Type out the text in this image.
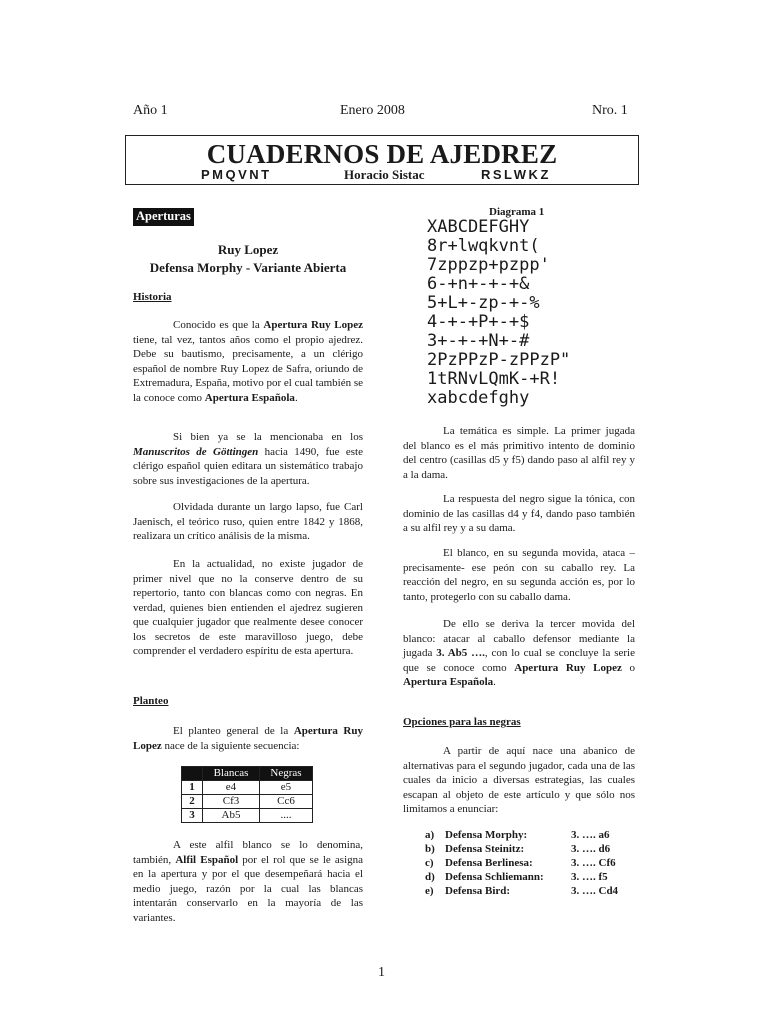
Año 1	Enero 2008	Nro. 1
CUADERNOS DE AJEDREZ
PMQVNT	Horacio Sistac	RSLWKZ
Aperturas
Ruy Lopez
Defensa Morphy - Variante Abierta
Historia

Conocido es que la Apertura Ruy Lopez tiene, tal vez, tantos años como el propio ajedrez. Debe su bautismo, precisamente, a un clérigo español de nombre Ruy Lopez de Safra, oriundo de Extremadura, España, motivo por el cual también se la conoce como Apertura Española.

Si bien ya se la mencionaba en los Manuscritos de Göttingen hacia 1490, fue este clérigo español quien editara un sistemático trabajo sobre sus investigaciones de la apertura.

Olvidada durante un largo lapso, fue Carl Jaenisch, el teórico ruso, quien entre 1842 y 1868, realizara un crítico análisis de la misma.

En la actualidad, no existe jugador de primer nivel que no la conserve dentro de su repertorio, tanto con blancas como con negras. En verdad, quienes bien entienden el ajedrez sugieren que cualquier jugador que realmente desee conocer los secretos de este maravilloso juego, debe comprender el verdadero espíritu de esta apertura.

Planteo

El planteo general de la Apertura Ruy Lopez nace de la siguiente secuencia:

	Blancas	Negras
1	e4	e5
2	Cf3	Cc6
3	Ab5	....

A este alfil blanco se lo denomina, también, Alfil Español por el rol que se le asigna en la apertura y por el que desempeñará hacia el medio juego, razón por la cual las blancas intentarán conservarlo en la mayoría de las variantes.

Diagrama 1
XABCDEFGHY
8r+lwqkvnt(
7zppzp+pzpp'
6-+n+-+-+&
5+L+-zp-+-%
4-+-+P+-+$
3+-+-+N+-#
2PzPPzP-zPPzP"
1tRNvLQmK-+R!
xabcdefghy

La temática es simple. La primer jugada del blanco es el más primitivo intento de dominio del centro (casillas d5 y f5) dando paso al alfil rey y a la dama.

La respuesta del negro sigue la tónica, con dominio de las casillas d4 y f4, dando paso también a su alfil rey y a su dama.

El blanco, en su segunda movida, ataca –precisamente- ese peón con su caballo rey. La reacción del negro, en su segunda acción es, por lo tanto, protegerlo con su caballo dama.

De ello se deriva la tercer movida del blanco: atacar al caballo defensor mediante la jugada 3. Ab5 …., con lo cual se concluye la serie que se conoce como Apertura Ruy Lopez o Apertura Española.

Opciones para las negras

A partir de aquí nace una abanico de alternativas para el segundo jugador, cada una de las cuales da inicio a diversas estrategias, las cuales escapan al objeto de este artículo y que sólo nos limitamos a enunciar:

a) Defensa Morphy:	3. …. a6
b) Defensa Steinitz:	3. …. d6
c) Defensa Berlinesa:	3. …. Cf6
d) Defensa Schliemann: 3. …. f5
e) Defensa Bird:	3. …. Cd4
1
